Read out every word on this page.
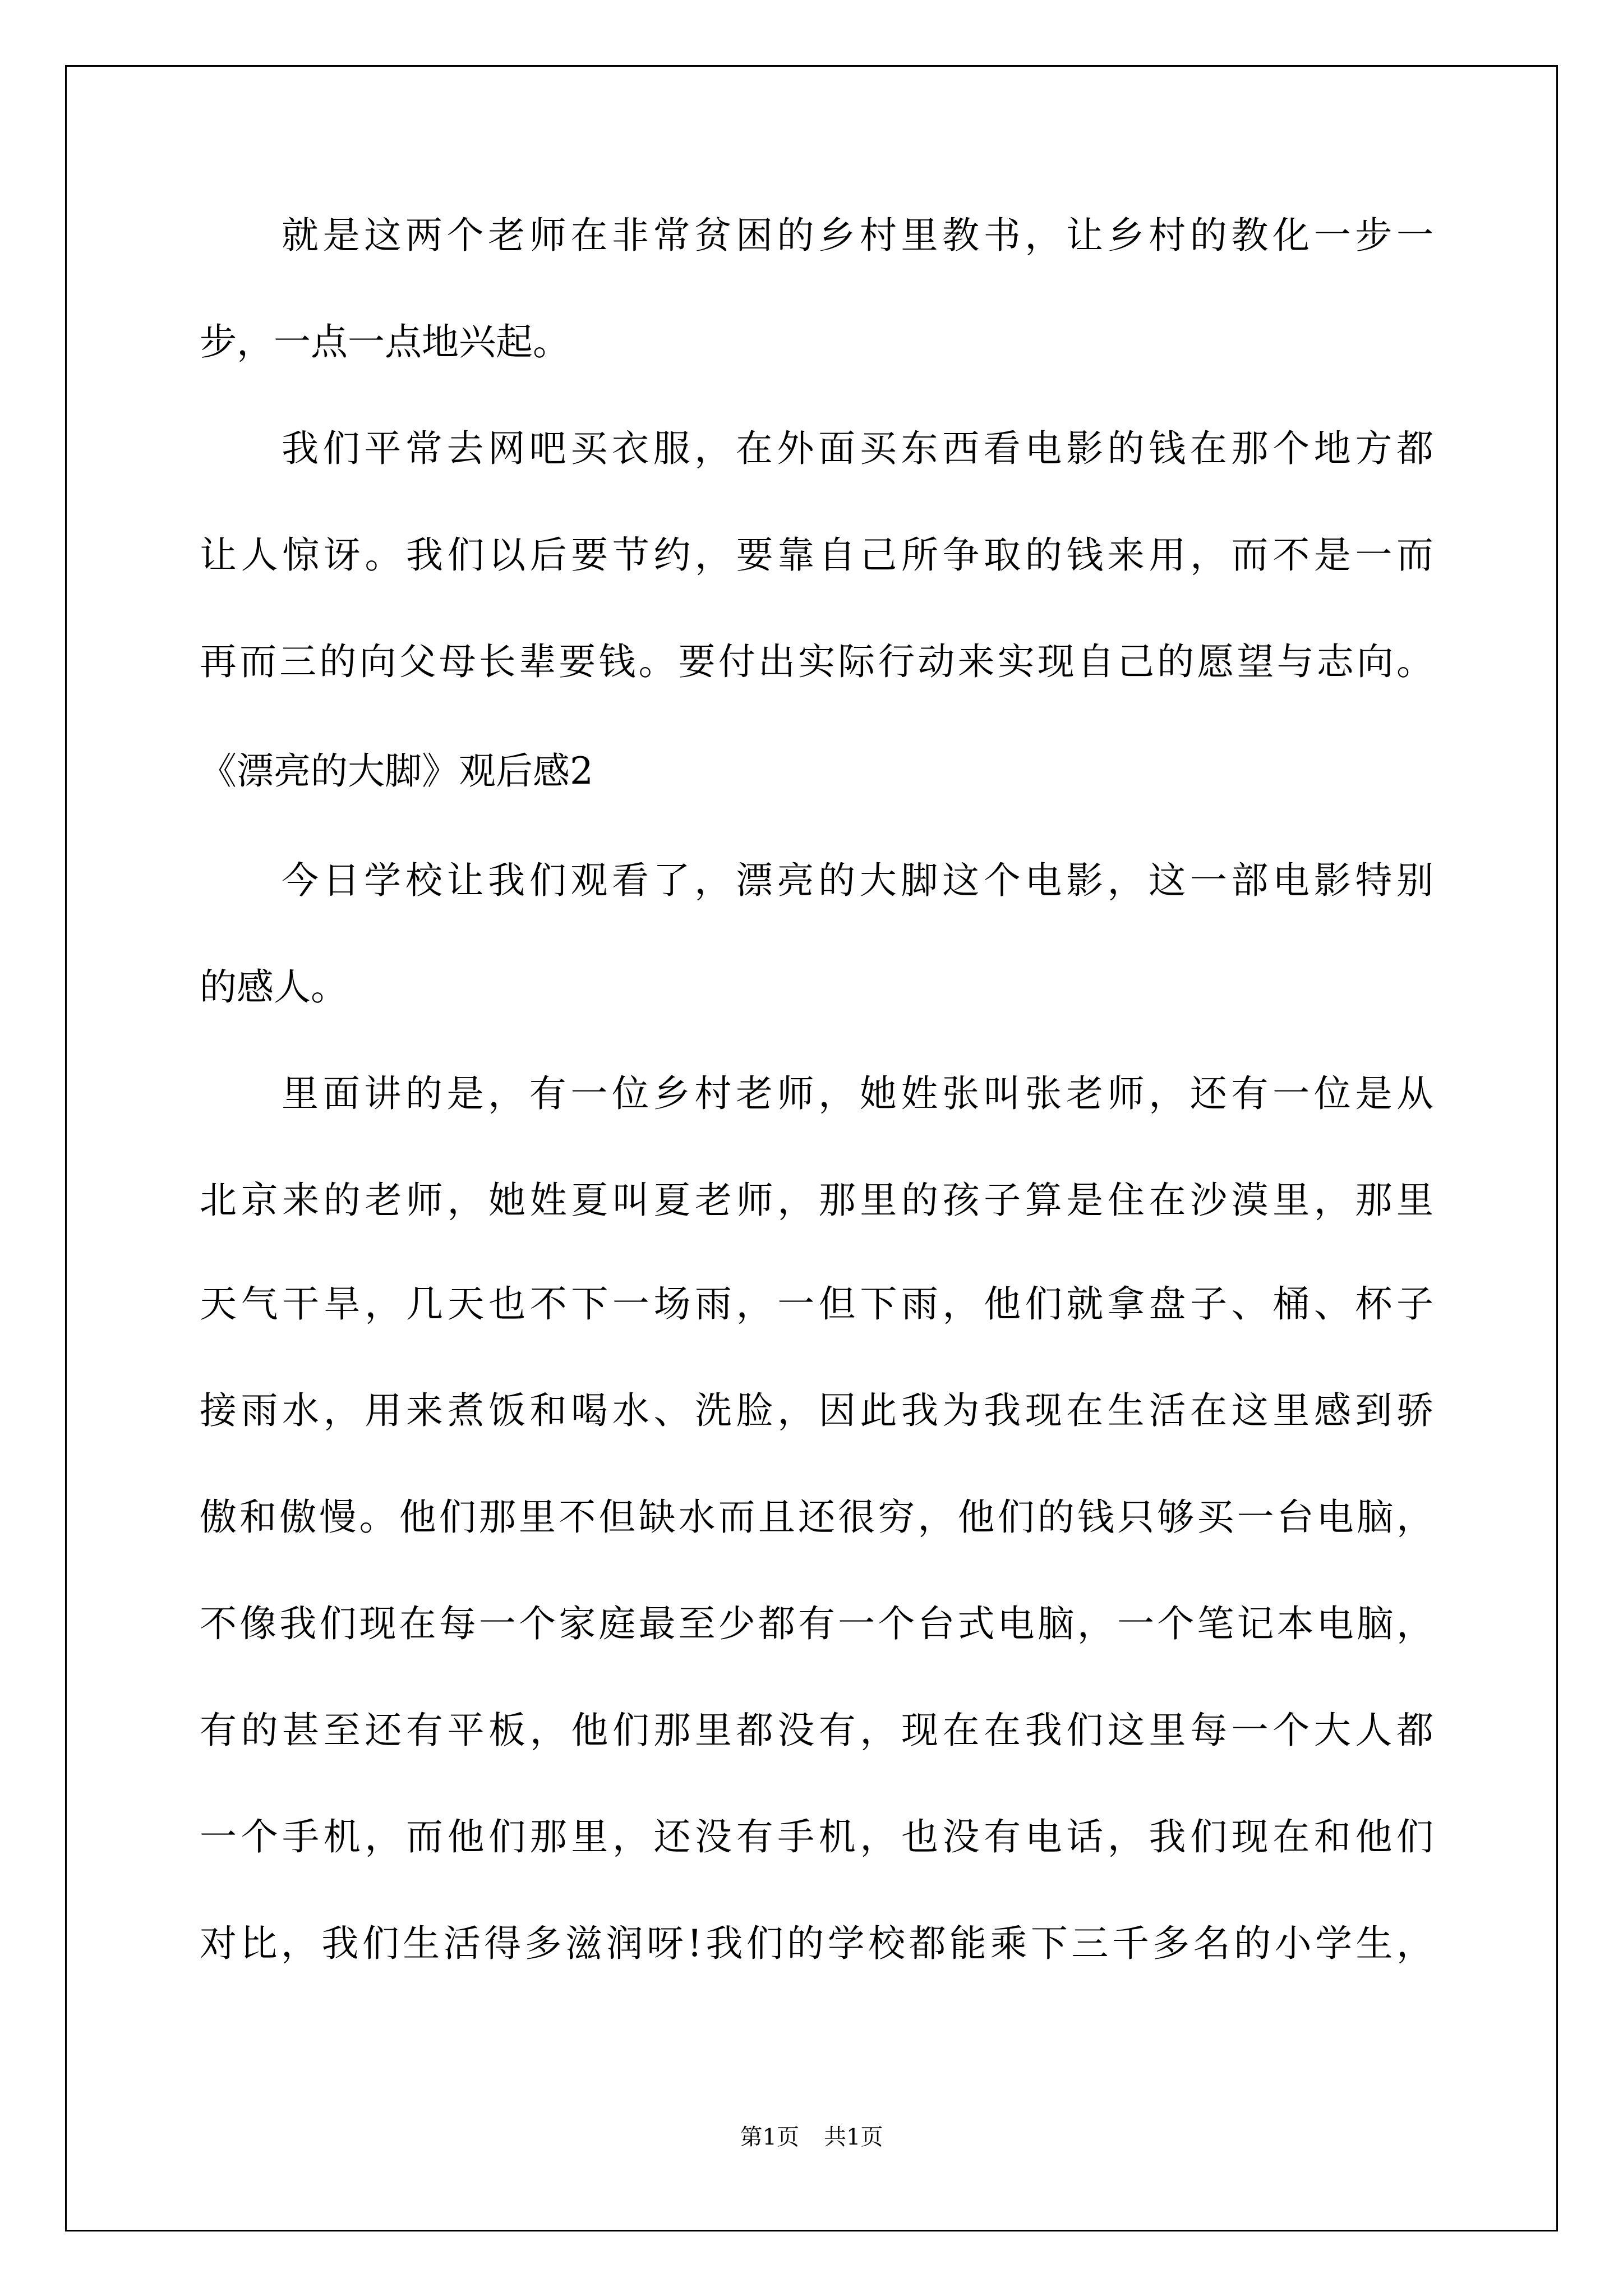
就是这两个老师在非常贫困的乡村里教书，让乡村的教化一步一
步，一点一点地兴起。
我们平常去网吧买衣服，在外面买东西看电影的钱在那个地方都
让人惊讶。我们以后要节约，要靠自己所争取的钱来用，而不是一而
再而三的向父母长辈要钱。要付出实际行动来实现自己的愿望与志向。
《漂亮的大脚》观后感2
今日学校让我们观看了，漂亮的大脚这个电影，这一部电影特别
的感人。
里面讲的是，有一位乡村老师，她姓张叫张老师，还有一位是从
北京来的老师，她姓夏叫夏老师，那里的孩子算是住在沙漠里，那里
天气干旱，几天也不下一场雨，一但下雨，他们就拿盘子、桶、杯子
接雨水，用来煮饭和喝水、洗脸，因此我为我现在生活在这里感到骄
傲和傲慢。他们那里不但缺水而且还很穷，他们的钱只够买一台电脑，
不像我们现在每一个家庭最至少都有一个台式电脑，一个笔记本电脑，
有的甚至还有平板，他们那里都没有，现在在我们这里每一个大人都
一个手机，而他们那里，还没有手机，也没有电话，我们现在和他们
对比，我们生活得多滋润呀!我们的学校都能乘下三千多名的小学生，
第1页 共1页
